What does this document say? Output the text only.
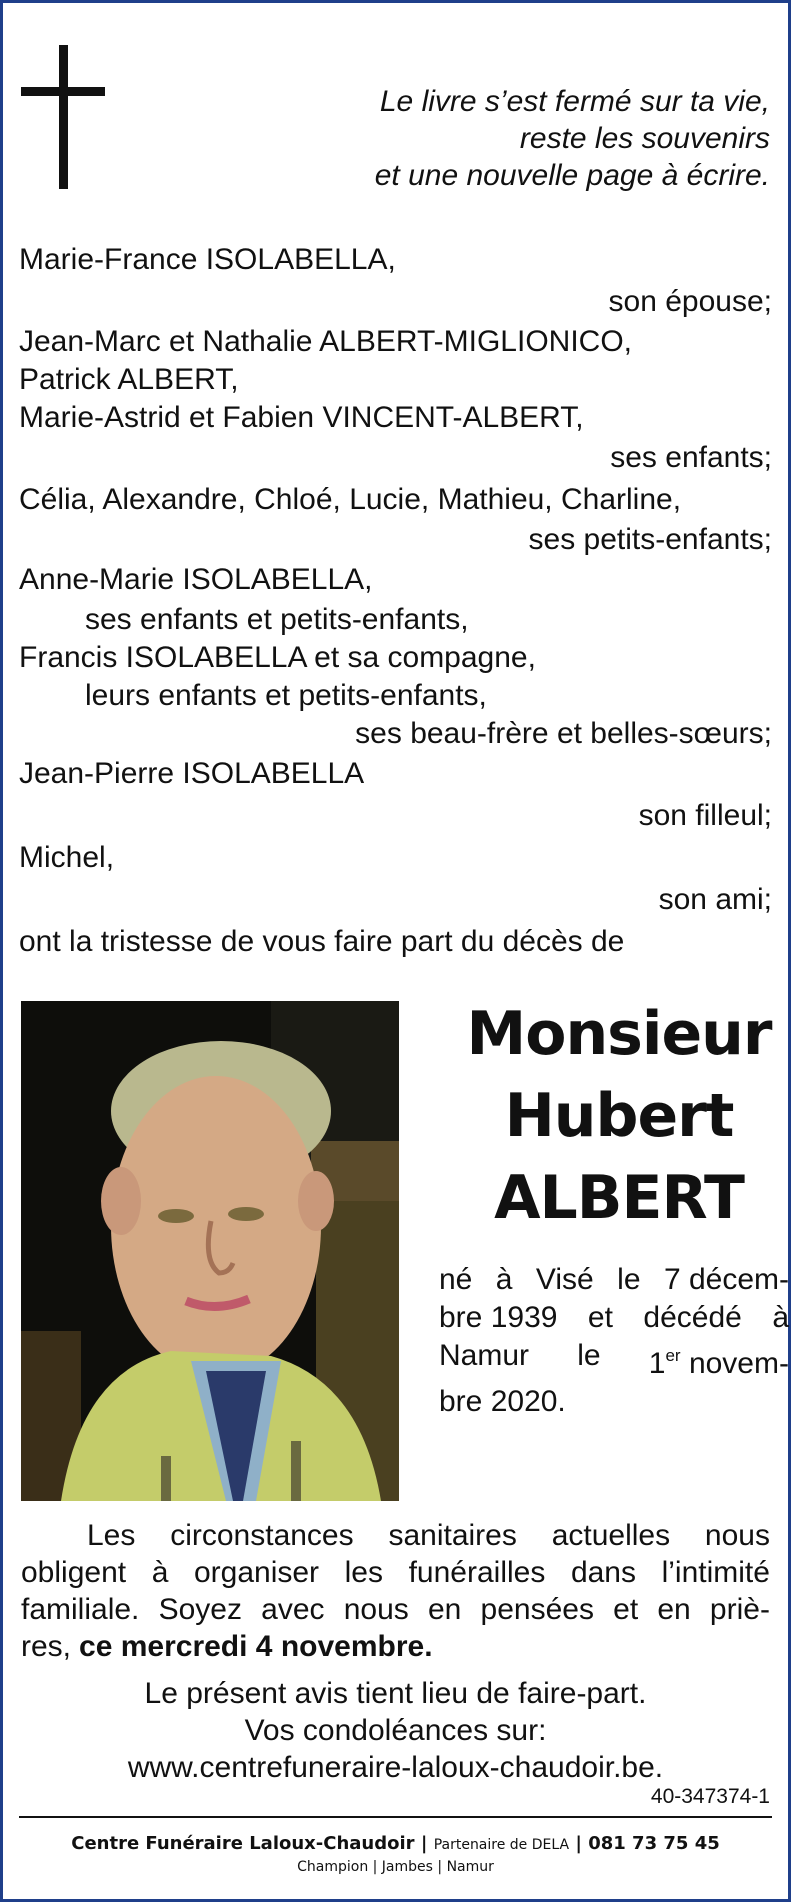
Le livre s’est fermé sur ta vie,
reste les souvenirs
et une nouvelle page à écrire.
Marie-France ISOLABELLA,
son épouse;
Jean-Marc et Nathalie ALBERT-MIGLIONICO,
Patrick ALBERT,
Marie-Astrid et Fabien VINCENT-ALBERT,
ses enfants;
Célia, Alexandre, Chloé, Lucie, Mathieu, Charline,
ses petits-enfants;
Anne-Marie ISOLABELLA,
ses enfants et petits-enfants,
Francis ISOLABELLA et sa compagne,
leurs enfants et petits-enfants,
ses beau-frère et belles-sœurs;
Jean-Pierre ISOLABELLA
son filleul;
Michel,
son ami;
ont la tristesse de vous faire part du décès de
Monsieur
Hubert
ALBERT
né à Visé le 7 décem-
bre 1939 et décédé à
Namur le 1er novem-
bre 2020.
Les circonstances sanitaires actuelles nous
obligent à organiser les funérailles dans l’intimité
familiale. Soyez avec nous en pensées et en priè-
res, ce mercredi 4 novembre.
Le présent avis tient lieu de faire-part.
Vos condoléances sur:
www.centrefuneraire-laloux-chaudoir.be.
40-347374-1
Centre Funéraire Laloux-Chaudoir | Partenaire de DELA | 081 73 75 45
Champion | Jambes | Namur
